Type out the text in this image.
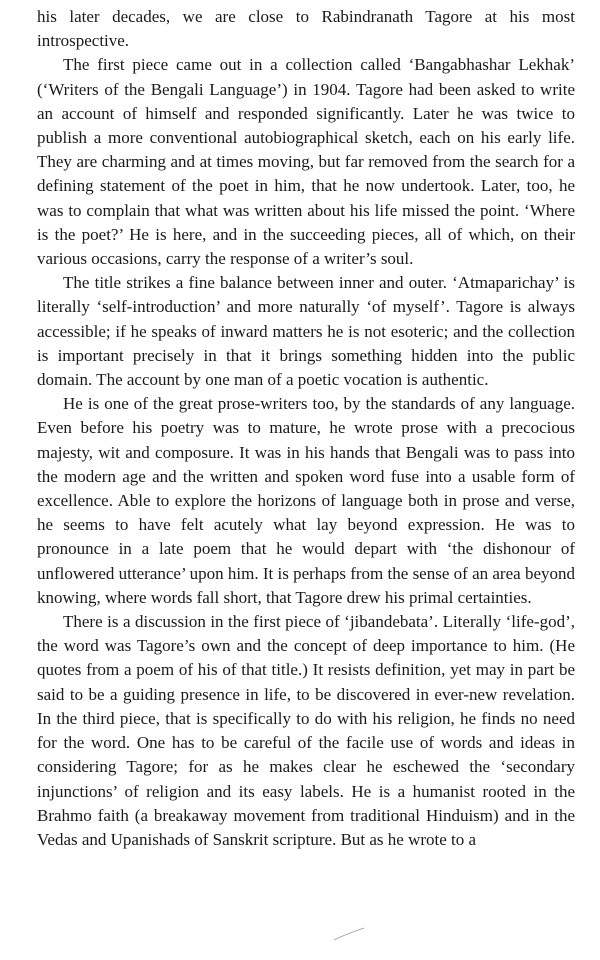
his later decades, we are close to Rabindranath Tagore at his most introspective.

The first piece came out in a collection called ‘Bangabhashar Lekhak’ (‘Writers of the Bengali Language’) in 1904. Tagore had been asked to write an account of himself and responded significantly. Later he was twice to publish a more conventional autobiographical sketch, each on his early life. They are charming and at times moving, but far removed from the search for a defining statement of the poet in him, that he now undertook. Later, too, he was to complain that what was written about his life missed the point. ‘Where is the poet?’ He is here, and in the succeeding pieces, all of which, on their various occasions, carry the response of a writer’s soul.

The title strikes a fine balance between inner and outer. ‘Atmaparichay’ is literally ‘self-introduction’ and more naturally ‘of myself’. Tagore is always accessible; if he speaks of inward matters he is not esoteric; and the collection is important precisely in that it brings something hidden into the public domain. The account by one man of a poetic vocation is authentic.

He is one of the great prose-writers too, by the standards of any language. Even before his poetry was to mature, he wrote prose with a precocious majesty, wit and composure. It was in his hands that Bengali was to pass into the modern age and the written and spoken word fuse into a usable form of excellence. Able to explore the horizons of language both in prose and verse, he seems to have felt acutely what lay beyond expression. He was to pronounce in a late poem that he would depart with ‘the dishonour of unflowered utterance’ upon him. It is perhaps from the sense of an area beyond knowing, where words fall short, that Tagore drew his primal certainties.

There is a discussion in the first piece of ‘jibandebata’. Literally ‘life-god’, the word was Tagore’s own and the concept of deep importance to him. (He quotes from a poem of his of that title.) It resists definition, yet may in part be said to be a guiding presence in life, to be discovered in ever-new revelation. In the third piece, that is specifically to do with his religion, he finds no need for the word. One has to be careful of the facile use of words and ideas in considering Tagore; for as he makes clear he eschewed the ‘secondary injunctions’ of religion and its easy labels. He is a humanist rooted in the Brahmo faith (a breakaway movement from traditional Hinduism) and in the Vedas and Upanishads of Sanskrit scripture. But as he wrote to a
